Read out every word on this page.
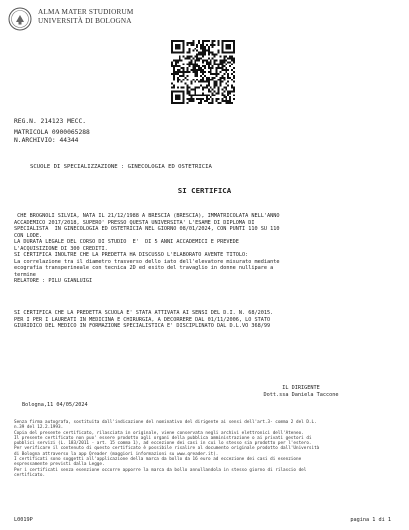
ALMA MATER STUDIORUM
UNIVERSITÀ DI BOLOGNA
REG.N. 214123 MECC.
MATRICOLA 0900065288
N.ARCHIVIO: 44344
SCUOLE DI SPECIALIZZAZIONE : GINECOLOGIA ED OSTETRICIA
SI CERTIFICA
CHE BROGNOLI SILVIA, NATA IL 21/12/1988 A BRESCIA (BRESCIA), IMMATRICOLATA NELL'ANNO
ACCADEMICO 2017/2018, SUPERO' PRESSO QUESTA UNIVERSITA' L'ESAME DI DIPLOMA DI
SPECIALISTA  IN GINECOLOGIA ED OSTETRICIA NEL GIORNO 08/01/2024, CON PUNTI 110 SU 110
CON LODE.
LA DURATA LEGALE DEL CORSO DI STUDIO  E'  DI 5 ANNI ACCADEMICI E PREVEDE
L'ACQUISIZIONE DI 300 CREDITI.
SI CERTIFICA INOLTRE CHE LA PREDETTA HA DISCUSSO L'ELABORATO AVENTE TITOLO:
La correlazione tra il diametro trasverso dello iato dell'elevatore misurato mediante
ecografia transperineale con tecnica 2D ed esito del travaglio in donne nullipare a
termine
RELATORE : PILU GIANLUIGI
SI CERTIFICA CHE LA PREDETTA SCUOLA E' STATA ATTIVATA AI SENSI DEL D.I. N. 68/2015.
PER I PER I LAUREATI IN MEDICINA E CHIRURGIA, A DECORRERE DAL 01/11/2006, LO STATO
GIURIDICO DEL MEDICO IN FORMAZIONE SPECIALISTICA E' DISCIPLINATO DAL D.L.VO 368/99
IL DIRIGENTE
Dott.ssa Daniela Taccone
Bologna,11 04/05/2024
Senza firma autografa, sostituita dall'indicazione del nominativo del dirigente ai sensi dell'art.3- comma 2 del D.L.
n.39 del 12.2.1993.
Copia del presente certificato, rilasciata in originale, viene conservata negli archivi elettronici dell'Ateneo.
Il presente certificato non puo' essere prodotto agli organi della pubblica amministrazione o ai privati gestori di
pubblici servizi (L. 183/2011 - art. 15 comma 1), ad eccezione dei casi in cui lo stesso sia prodotto per l'estero.
Per verificare il contenuto di questo certificato è possibile risalire al documento originale prodotto dall'Università
di Bologna attraverso la app Qreader (maggiori informazioni su www.qreader.it).
I certificati sono soggetti all'applicazione della marca da bollo da 16 euro ad eccezione dei casi di esenzione
espressamente previsti dalla Legge.
Per i certificati senza esenzione occorre apporre la marca da bollo annullandola in stesso giorno di rilascio del
certificato.
L0019P	pagina 1 di 1
